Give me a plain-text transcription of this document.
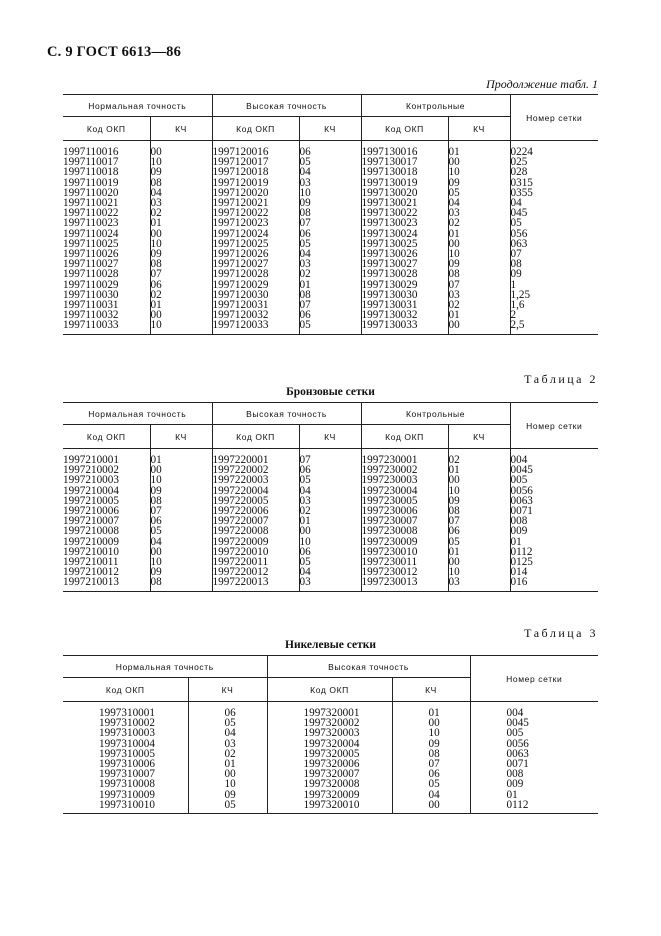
С. 9 ГОСТ 6613—86
Продолжение табл. 1
Нормальная точность		Высокая точность		Контрольные		Номер сетки
Код ОКП	КЧ	Код ОКП	КЧ	Код ОКП	КЧ	

1997110016	00	1997120016	06	1997130016	01	0224
1997110017	10	1997120017	05	1997130017	00	025
1997110018	09	1997120018	04	1997130018	10	028
1997110019	08	1997120019	03	1997130019	09	0315
1997110020	04	1997120020	10	1997130020	05	0355
1997110021	03	1997120021	09	1997130021	04	04
1997110022	02	1997120022	08	1997130022	03	045
1997110023	01	1997120023	07	1997130023	02	05
1997110024	00	1997120024	06	1997130024	01	056
1997110025	10	1997120025	05	1997130025	00	063
1997110026	09	1997120026	04	1997130026	10	07
1997110027	08	1997120027	03	1997130027	09	08
1997110028	07	1997120028	02	1997130028	08	09
1997110029	06	1997120029	01	1997130029	07	1
1997110030	02	1997120030	08	1997130030	03	1,25
1997110031	01	1997120031	07	1997130031	02	1,6
1997110032	00	1997120032	06	1997130032	01	2
1997110033	10	1997120033	05	1997130033	00	2,5
Таблица 2
Бронзовые сетки
Нормальная точность		Высокая точность		Контрольные		Номер сетки
Код ОКП	КЧ	Код ОКП	КЧ	Код ОКП	КЧ	

1997210001	01	1997220001	07	1997230001	02	004
1997210002	00	1997220002	06	1997230002	01	0045
1997210003	10	1997220003	05	1997230003	00	005
1997210004	09	1997220004	04	1997230004	10	0056
1997210005	08	1997220005	03	1997230005	09	0063
1997210006	07	1997220006	02	1997230006	08	0071
1997210007	06	1997220007	01	1997230007	07	008
1997210008	05	1997220008	00	1997230008	06	009
1997210009	04	1997220009	10	1997230009	05	01
1997210010	00	1997220010	06	1997230010	01	0112
1997210011	10	1997220011	05	1997230011	00	0125
1997210012	09	1997220012	04	1997230012	10	014
1997210013	08	1997220013	03	1997230013	03	016
Таблица 3
Никелевые сетки
Нормальная точность		Высокая точность		Номер сетки
Код ОКП	КЧ	Код ОКП	КЧ	

1997310001	06	1997320001	01	004
1997310002	05	1997320002	00	0045
1997310003	04	1997320003	10	005
1997310004	03	1997320004	09	0056
1997310005	02	1997320005	08	0063
1997310006	01	1997320006	07	0071
1997310007	00	1997320007	06	008
1997310008	10	1997320008	05	009
1997310009	09	1997320009	04	01
1997310010	05	1997320010	00	0112
